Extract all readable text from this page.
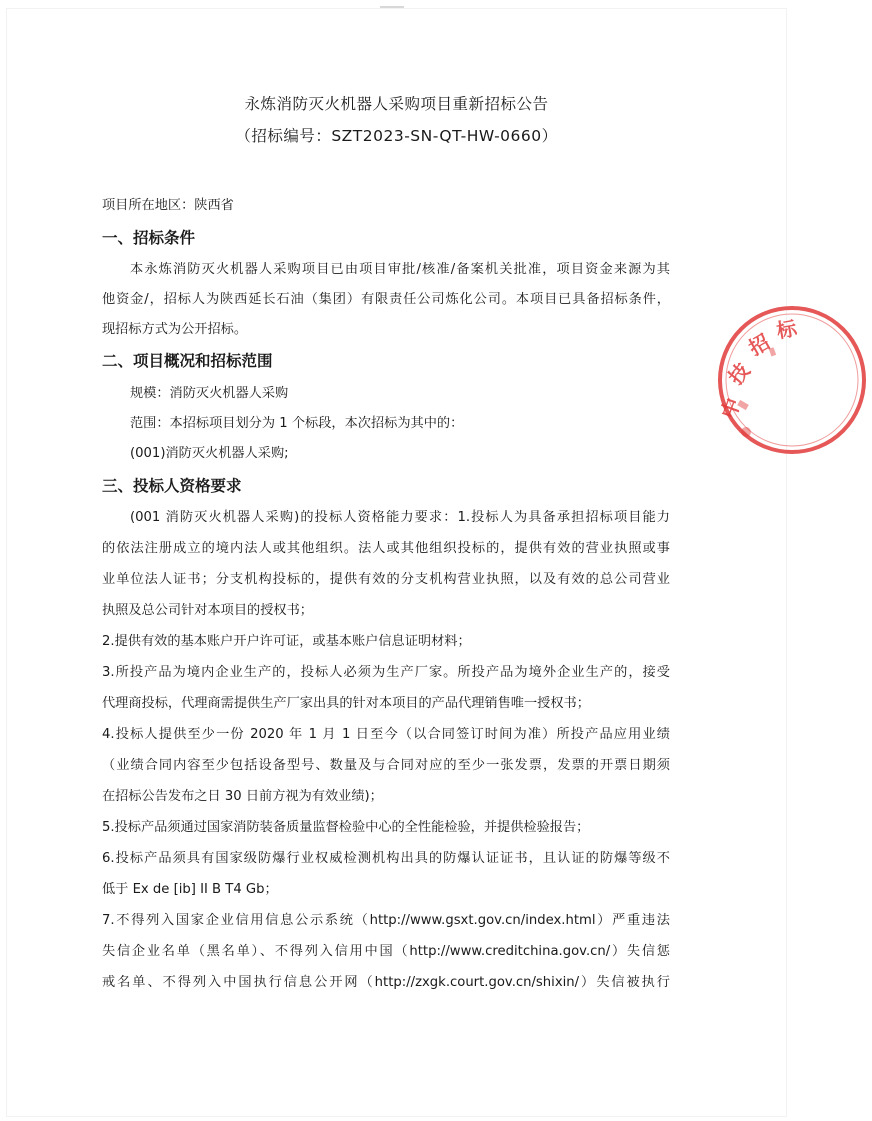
永炼消防灭火机器人采购项目重新招标公告
（招标编号：SZT2023-SN-QT-HW-0660）
项目所在地区：陕西省
一、招标条件
本永炼消防灭火机器人采购项目已由项目审批/核准/备案机关批准，项目资金来源为其
他资金/，招标人为陕西延长石油（集团）有限责任公司炼化公司。本项目已具备招标条件，
现招标方式为公开招标。
二、项目概况和招标范围
规模：消防灭火机器人采购
范围：本招标项目划分为 1 个标段，本次招标为其中的：
(001)消防灭火机器人采购;
三、投标人资格要求
(001 消防灭火机器人采购)的投标人资格能力要求：1.投标人为具备承担招标项目能力
的依法注册成立的境内法人或其他组织。法人或其他组织投标的，提供有效的营业执照或事
业单位法人证书；分支机构投标的，提供有效的分支机构营业执照，以及有效的总公司营业
执照及总公司针对本项目的授权书；
2.提供有效的基本账户开户许可证，或基本账户信息证明材料；
3.所投产品为境内企业生产的，投标人必须为生产厂家。所投产品为境外企业生产的，接受
代理商投标，代理商需提供生产厂家出具的针对本项目的产品代理销售唯一授权书；
4.投标人提供至少一份 2020 年 1 月 1 日至今（以合同签订时间为准）所投产品应用业绩
（业绩合同内容至少包括设备型号、数量及与合同对应的至少一张发票，发票的开票日期须
在招标公告发布之日 30 日前方视为有效业绩)；
5.投标产品须通过国家消防装备质量监督检验中心的全性能检验，并提供检验报告；
6.投标产品须具有国家级防爆行业权威检测机构出具的防爆认证证书，且认证的防爆等级不
低于 Ex de [ib] II B T4 Gb；
7.不得列入国家企业信用信息公示系统（http://www.gsxt.gov.cn/index.html）严重违法
失信企业名单（黑名单）、不得列入信用中国（http://www.creditchina.gov.cn/）失信惩
戒名单、不得列入中国执行信息公开网（http://zxgk.court.gov.cn/shixin/）失信被执行
中
技
招
标
